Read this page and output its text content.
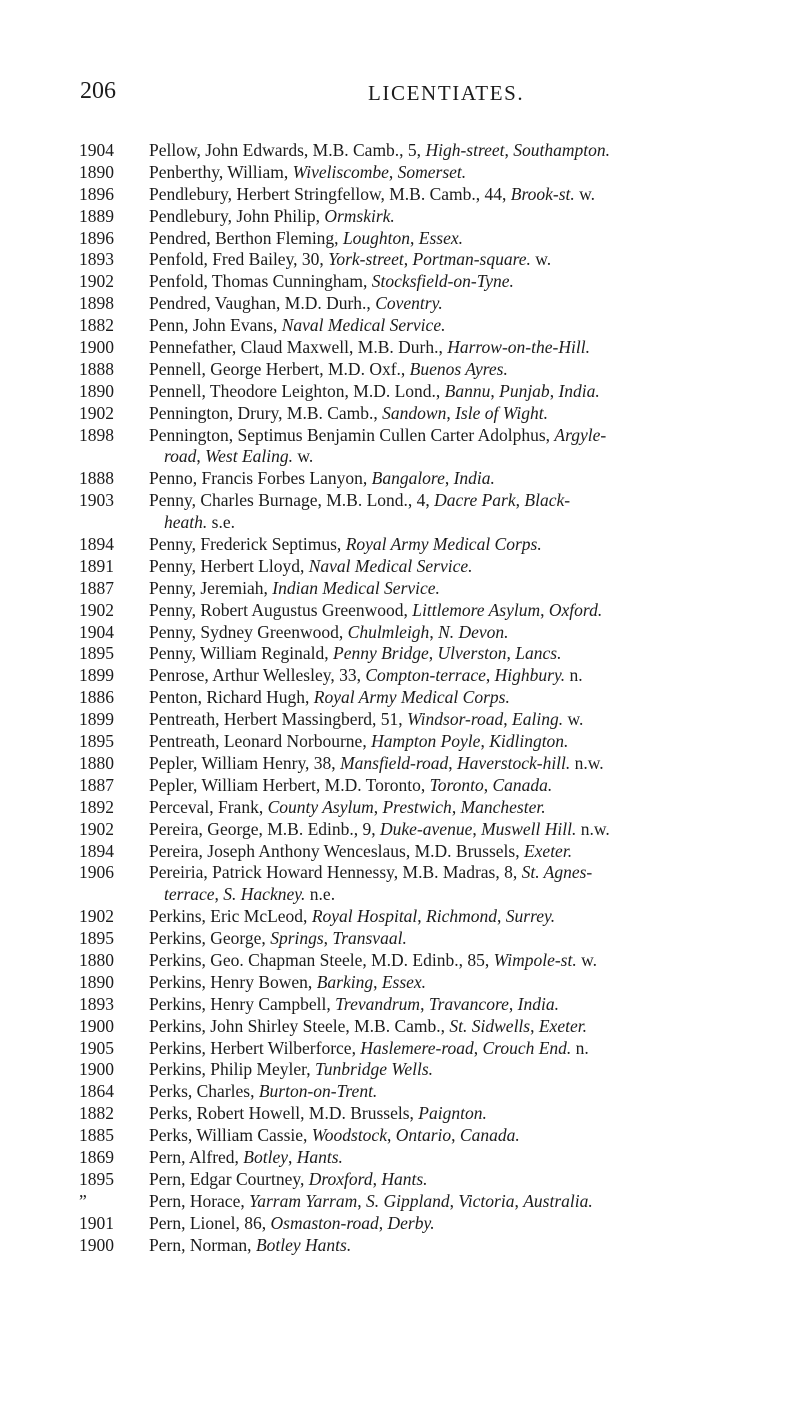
206	LICENTIATES.
1904	Pellow, John Edwards, M.B. Camb., 5, High-street, Southampton.
1890	Penberthy, William, Wiveliscombe, Somerset.
1896	Pendlebury, Herbert Stringfellow, M.B. Camb., 44, Brook-st. w.
1889	Pendlebury, John Philip, Ormskirk.
1896	Pendred, Berthon Fleming, Loughton, Essex.
1893	Penfold, Fred Bailey, 30, York-street, Portman-square. w.
1902	Penfold, Thomas Cunningham, Stocksfield-on-Tyne.
1898	Pendred, Vaughan, M.D. Durh., Coventry.
1882	Penn, John Evans, Naval Medical Service.
1900	Pennefather, Claud Maxwell, M.B. Durh., Harrow-on-the-Hill.
1888	Pennell, George Herbert, M.D. Oxf., Buenos Ayres.
1890	Pennell, Theodore Leighton, M.D. Lond., Bannu, Punjab, India.
1902	Pennington, Drury, M.B. Camb., Sandown, Isle of Wight.
1898	Pennington, Septimus Benjamin Cullen Carter Adolphus, Argyle-
road, West Ealing. w.
1888	Penno, Francis Forbes Lanyon, Bangalore, India.
1903	Penny, Charles Burnage, M.B. Lond., 4, Dacre Park, Black-
heath. s.e.
1894	Penny, Frederick Septimus, Royal Army Medical Corps.
1891	Penny, Herbert Lloyd, Naval Medical Service.
1887	Penny, Jeremiah, Indian Medical Service.
1902	Penny, Robert Augustus Greenwood, Littlemore Asylum, Oxford.
1904	Penny, Sydney Greenwood, Chulmleigh, N. Devon.
1895	Penny, William Reginald, Penny Bridge, Ulverston, Lancs.
1899	Penrose, Arthur Wellesley, 33, Compton-terrace, Highbury. n.
1886	Penton, Richard Hugh, Royal Army Medical Corps.
1899	Pentreath, Herbert Massingberd, 51, Windsor-road, Ealing. w.
1895	Pentreath, Leonard Norbourne, Hampton Poyle, Kidlington.
1880	Pepler, William Henry, 38, Mansfield-road, Haverstock-hill. n.w.
1887	Pepler, William Herbert, M.D. Toronto, Toronto, Canada.
1892	Perceval, Frank, County Asylum, Prestwich, Manchester.
1902	Pereira, George, M.B. Edinb., 9, Duke-avenue, Muswell Hill. n.w.
1894	Pereira, Joseph Anthony Wenceslaus, M.D. Brussels, Exeter.
1906	Pereiria, Patrick Howard Hennessy, M.B. Madras, 8, St. Agnes-
terrace, S. Hackney. n.e.
1902	Perkins, Eric McLeod, Royal Hospital, Richmond, Surrey.
1895	Perkins, George, Springs, Transvaal.
1880	Perkins, Geo. Chapman Steele, M.D. Edinb., 85, Wimpole-st. w.
1890	Perkins, Henry Bowen, Barking, Essex.
1893	Perkins, Henry Campbell, Trevandrum, Travancore, India.
1900	Perkins, John Shirley Steele, M.B. Camb., St. Sidwells, Exeter.
1905	Perkins, Herbert Wilberforce, Haslemere-road, Crouch End. n.
1900	Perkins, Philip Meyler, Tunbridge Wells.
1864	Perks, Charles, Burton-on-Trent.
1882	Perks, Robert Howell, M.D. Brussels, Paignton.
1885	Perks, William Cassie, Woodstock, Ontario, Canada.
1869	Pern, Alfred, Botley, Hants.
1895	Pern, Edgar Courtney, Droxford, Hants.
”	Pern, Horace, Yarram Yarram, S. Gippland, Victoria, Australia.
1901	Pern, Lionel, 86, Osmaston-road, Derby.
1900	Pern, Norman, Botley Hants.
